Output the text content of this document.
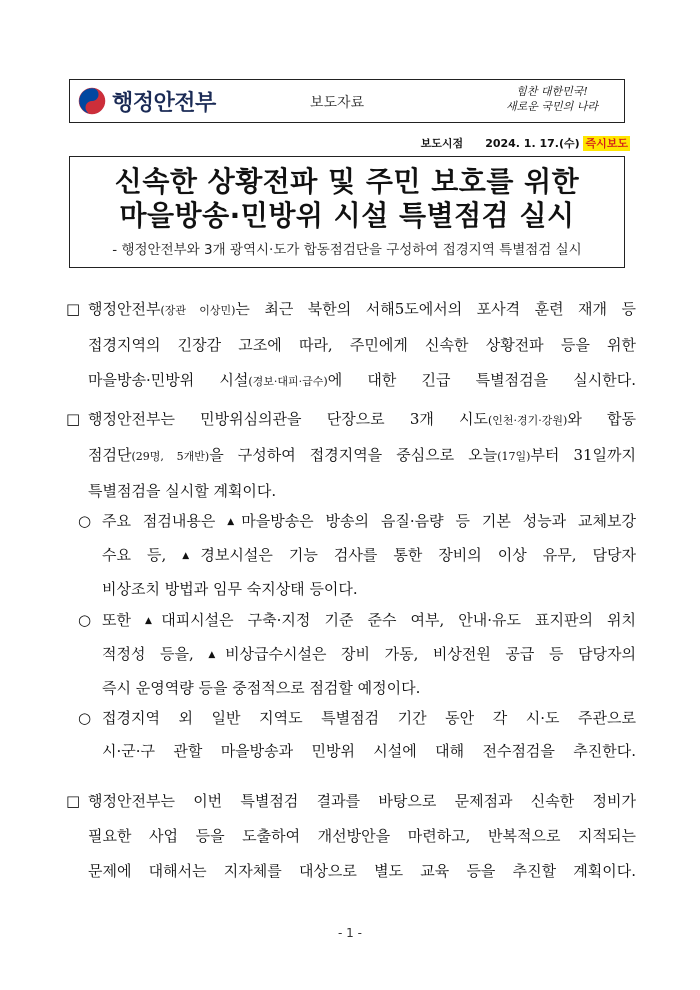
행정안전부	보도자료
힘찬 대한민국!
새로운 국민의 나라
보도시점 2024. 1. 17.(수) 즉시보도
신속한 상황전파 및 주민 보호를 위한
마을방송·민방위 시설 특별점검 실시
- 행정안전부와 3개 광역시·도가 합동점검단을 구성하여 접경지역 특별점검 실시
□ 행정안전부(장관 이상민)는 최근 북한의 서해5도에서의 포사격 훈련 재개 등
접경지역의 긴장감 고조에 따라, 주민에게 신속한 상황전파 등을 위한
마을방송·민방위 시설(경보·대피·급수)에 대한 긴급 특별점검을 실시한다.
□ 행정안전부는 민방위심의관을 단장으로 3개 시도(인천·경기·강원)와 합동
점검단(29명, 5개반)을 구성하여 접경지역을 중심으로 오늘(17일)부터 31일까지
특별점검을 실시할 계획이다.
○ 주요 점검내용은 ▲마을방송은 방송의 음질·음량 등 기본 성능과 교체보강
수요 등, ▲경보시설은 기능 검사를 통한 장비의 이상 유무, 담당자
비상조치 방법과 임무 숙지상태 등이다.
○ 또한 ▲대피시설은 구축·지정 기준 준수 여부, 안내·유도 표지판의 위치
적정성 등을, ▲비상급수시설은 장비 가동, 비상전원 공급 등 담당자의
즉시 운영역량 등을 중점적으로 점검할 예정이다.
○ 접경지역 외 일반 지역도 특별점검 기간 동안 각 시·도 주관으로
시·군·구 관할 마을방송과 민방위 시설에 대해 전수점검을 추진한다.
□ 행정안전부는 이번 특별점검 결과를 바탕으로 문제점과 신속한 정비가
필요한 사업 등을 도출하여 개선방안을 마련하고, 반복적으로 지적되는
문제에 대해서는 지자체를 대상으로 별도 교육 등을 추진할 계획이다.
- 1 -
